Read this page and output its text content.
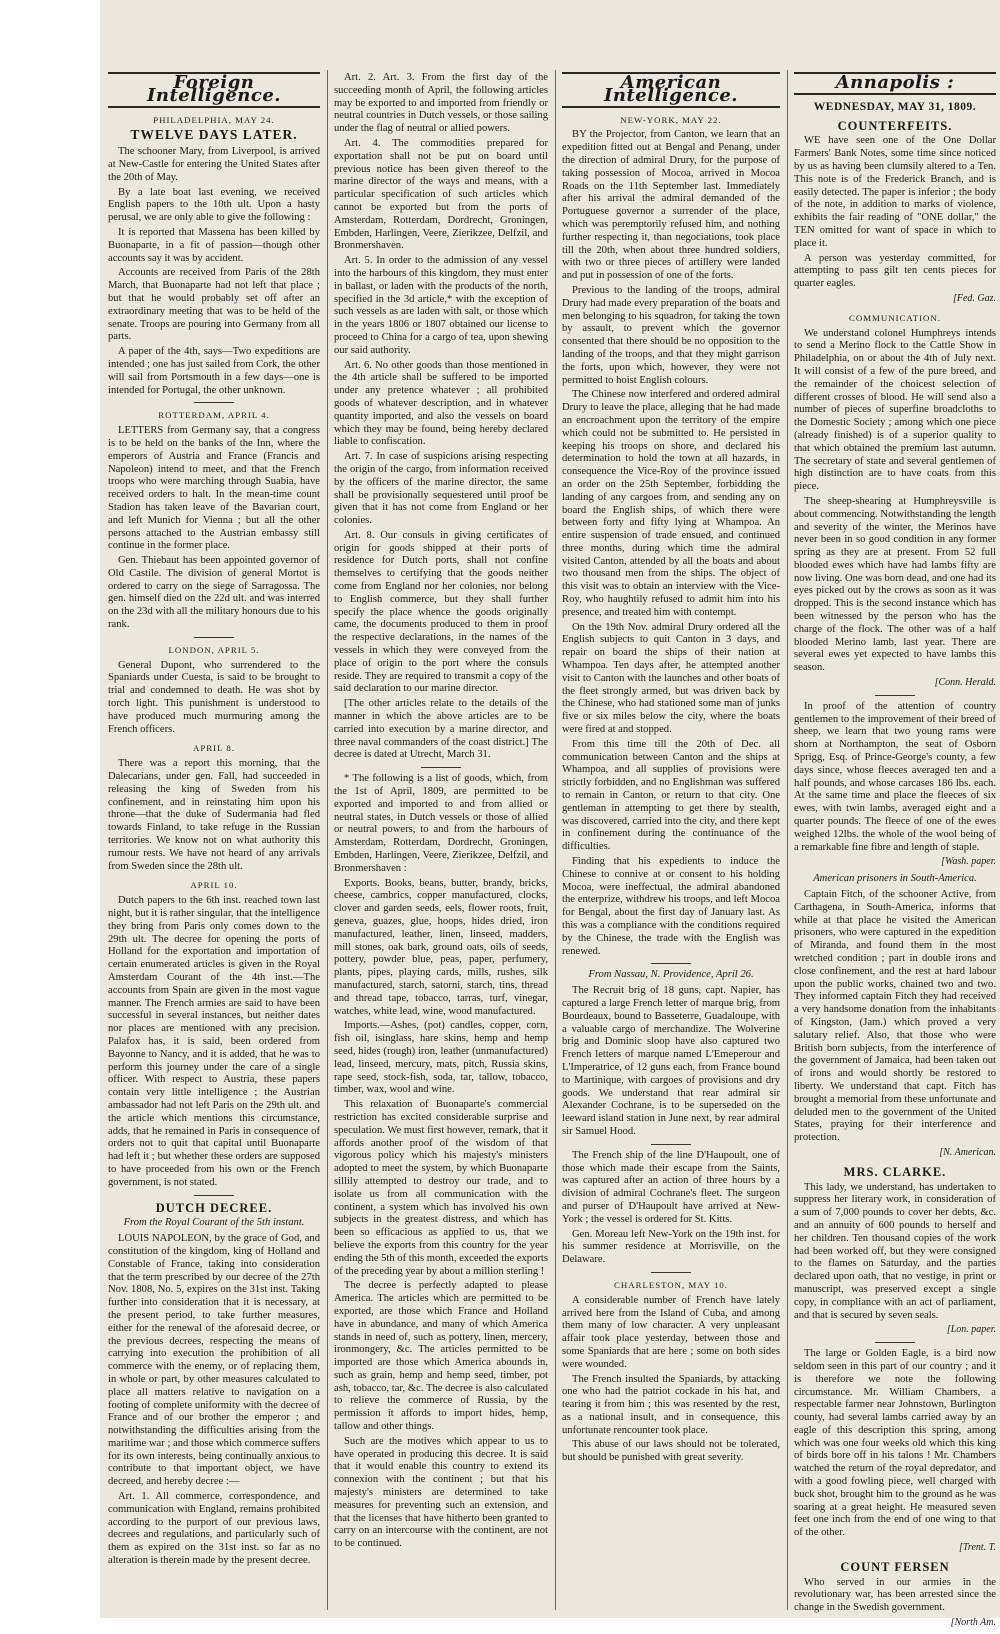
Foreign Intelligence.
PHILADELPHIA, MAY 24.
TWELVE DAYS LATER.

The schooner Mary, from Liverpool, is arrived at New-Castle for entering the United States after the 20th of May.

By a late boat last evening, we received English papers to the 10th ult. Upon a hasty perusal, we are only able to give the following :

It is reported that Massena has been killed by Buonaparte, in a fit of passion—though other accounts say it was by accident.

Accounts are received from Paris of the 28th March, that Buonaparte had not left that place ; but that he would probably set off after an extraordinary meeting that was to be held of the senate. Troops are pouring into Germany from all parts.

A paper of the 4th, says—Two expeditions are intended ; one has just sailed from Cork, the other will sail from Portsmouth in a few days—one is intended for Portugal, the other unknown.

ROTTERDAM, APRIL 4.

LETTERS from Germany say, that a congress is to be held on the banks of the Inn, where the emperors of Austria and France (Francis and Napoleon) intend to meet, and that the French troops who were marching through Suabia, have received orders to halt. In the mean-time count Stadion has taken leave of the Bavarian court, and left Munich for Vienna ; but all the other persons attached to the Austrian embassy still continue in the former place.

Gen. Thiebaut has been appointed governor of Old Castile. The division of general Mortot is ordered to carry on the siege of Sarragossa. The gen. himself died on the 22d ult. and was interred on the 23d with all the military honours due to his rank.

LONDON, APRIL 5.

General Dupont, who surrendered to the Spaniards under Cuesta, is said to be brought to trial and condemned to death. He was shot by torch light. This punishment is understood to have produced much murmuring among the French officers.

APRIL 8.

There was a report this morning, that the Dalecarians, under gen. Fall, had succeeded in releasing the king of Sweden from his confinement, and in reinstating him upon his throne—that the duke of Sudermania had fled towards Finland, to take refuge in the Russian territories. We know not on what authority this rumour rests. We have not heard of any arrivals from Sweden since the 28th ult.

APRIL 10.

Dutch papers to the 6th inst. reached town last night, but it is rather singular, that the intelligence they bring from Paris only comes down to the 29th ult. The decree for opening the ports of Holland for the exportation and importation of certain enumerated articles is given in the Royal Amsterdam Courant of the 4th inst.—The accounts from Spain are given in the most vague manner. The French armies are said to have been successful in several instances, but neither dates nor places are mentioned with any precision. Palafox has, it is said, been ordered from Bayonne to Nancy, and it is added, that he was to perform this journey under the care of a single officer. With respect to Austria, these papers contain very little intelligence ; the Austrian ambassador had not left Paris on the 29th ult. and the article which mentions this circumstance, adds, that he remained in Paris in consequence of orders not to quit that capital until Buonaparte had left it ; but whether these orders are supposed to have proceeded from his own or the French government, is not stated.

DUTCH DECREE.
From the Royal Courant of the 5th instant.

LOUIS NAPOLEON, by the grace of God, and constitution of the kingdom, king of Holland and Constable of France, taking into consideration that the term prescribed by our decree of the 27th Nov. 1808, No. 5, expires on the 31st inst. Taking further into consideration that it is necessary, at the present period, to take further measures, either for the renewal of the aforesaid decree, or the previous decrees, respecting the means of carrying into execution the prohibition of all commerce with the enemy, or of replacing them, in whole or part, by other measures calculated to place all matters relative to navigation on a footing of complete uniformity with the decree of France and of our brother the emperor ; and notwithstanding the difficulties arising from the maritime war ; and those which commerce suffers for its own interests, being continually anxious to contribute to that important object, we have decreed, and hereby decree :—

Art. 1. All commerce, correspondence, and communication with England, remains prohibited according to the purport of our previous laws, decrees and regulations, and particularly such of them as expired on the 31st inst. so far as no alteration is therein made by the present decree.

Art. 2. Art. 3. From the first day of the succeeding month of April, the following articles may be exported to and imported from friendly or neutral countries in Dutch vessels, or those sailing under the flag of neutral or allied powers.

Art. 4. The commodities prepared for exportation shall not be put on board until previous notice has been given thereof to the marine director of the ways and means, with a particular specification of such articles which cannot be exported but from the ports of Amsterdam, Rotterdam, Dordrecht, Groningen, Embden, Harlingen, Veere, Zierikzee, Delfzil, and Bronmershaven.

Art. 5. In order to the admission of any vessel into the harbours of this kingdom, they must enter in ballast, or laden with the products of the north, specified in the 3d article,* with the exception of such vessels as are laden with salt, or those which in the years 1806 or 1807 obtained our license to proceed to China for a cargo of tea, upon shewing our said authority.

Art. 6. No other goods than those mentioned in the 4th article shall be suffered to be imported under any pretence whatever ; all prohibited goods of whatever description, and in whatever quantity imported, and also the vessels on board which they may be found, being hereby declared liable to confiscation.

Art. 7. In case of suspicions arising respecting the origin of the cargo, from information received by the officers of the marine director, the same shall be provisionally sequestered until proof be given that it has not come from England or her colonies.

Art. 8. Our consuls in giving certificates of origin for goods shipped at their ports of residence for Dutch ports, shall not confine themselves to certifying that the goods neither come from England nor her colonies, nor belong to English commerce, but they shall further specify the place whence the goods originally came, the documents produced to them in proof the respective declarations, in the names of the vessels in which they were conveyed from the place of origin to the port where the consuls reside. They are required to transmit a copy of the said declaration to our marine director.

[The other articles relate to the details of the manner in which the above articles are to be carried into execution by a marine director, and three naval commanders of the coast district.] The decree is dated at Utrecht, March 31.

* The following is a list of goods, which, from the 1st of April, 1809, are permitted to be exported and imported to and from allied or neutral states, in Dutch vessels or those of allied or neutral powers, to and from the harbours of Amsterdam, Rotterdam, Dordrecht, Groningen, Embden, Harlingen, Veere, Zierikzee, Delfzil, and Bronmershaven :

Exports. Books, beans, butter, brandy, bricks, cheese, cambrics, copper manufactured, clocks, clover and garden seeds, eels, flower roots, fruit, geneva, guazes, glue, hoops, hides dried, iron manufactured, leather, linen, linseed, madders, mill stones, oak bark, ground oats, oils of seeds, pottery, powder blue, peas, paper, perfumery, plants, pipes, playing cards, mills, rushes, silk manufactured, starch, satorni, starch, tins, thread and thread tape, tobacco, tarras, turf, vinegar, watches, white lead, wine, wood manufactured.

Imports.—Ashes, (pot) candles, copper, corn, fish oil, isinglass, hare skins, hemp and hemp seed, hides (rough) iron, leather (unmanufactured) lead, linseed, mercury, mats, pitch, Russia skins, rape seed, stock-fish, soda, tar, tallow, tobacco, timber, wax, wool and wine.

This relaxation of Buonaparte's commercial restriction has excited considerable surprise and speculation. We must first however, remark, that it affords another proof of the wisdom of that vigorous policy which his majesty's ministers adopted to meet the system, by which Buonaparte sillily attempted to destroy our trade, and to isolate us from all communication with the continent, a system which has involved his own subjects in the greatest distress, and which has been so efficacious as applied to us, that we believe the exports from this country for the year ending the 5th of this month, exceeded the exports of the preceding year by about a million sterling !

The decree is perfectly adapted to please America. The articles which are permitted to be exported, are those which France and Holland have in abundance, and many of which America stands in need of, such as pottery, linen, mercery, ironmongery, &c. The articles permitted to be imported are those which America abounds in, such as grain, hemp and hemp seed, timber, pot ash, tobacco, tar, &c. The decree is also calculated to relieve the commerce of Russia, by the permission it affords to import hides, hemp, tallow and other things.

Such are the motives which appear to us to have operated in producing this decree. It is said that it would enable this country to extend its connexion with the continent ; but that his majesty's ministers are determined to take measures for preventing such an extension, and that the licenses that have hitherto been granted to carry on an intercourse with the continent, are not to be continued.

American Intelligence.
NEW-YORK, MAY 22.

BY the Projector, from Canton, we learn that an expedition fitted out at Bengal and Penang, under the direction of admiral Drury, for the purpose of taking possession of Mocoa, arrived in Mocoa Roads on the 11th September last. Immediately after his arrival the admiral demanded of the Portuguese governor a surrender of the place, which was peremptorily refused him, and nothing further respecting it, than negociations, took place till the 20th, when about three hundred soldiers, with two or three pieces of artillery were landed and put in possession of one of the forts.

Previous to the landing of the troops, admiral Drury had made every preparation of the boats and men belonging to his squadron, for taking the town by assault, to prevent which the governor consented that there should be no opposition to the landing of the troops, and that they might garrison the forts, upon which, however, they were not permitted to hoist English colours.

The Chinese now interfered and ordered admiral Drury to leave the place, alleging that he had made an encroachment upon the territory of the empire which could not be submitted to. He persisted in keeping his troops on shore, and declared his determination to hold the town at all hazards, in consequence the Vice-Roy of the province issued an order on the 25th September, forbidding the landing of any cargoes from, and sending any on board the English ships, of which there were between forty and fifty lying at Whampoa. An entire suspension of trade ensued, and continued three months, during which time the admiral visited Canton, attended by all the boats and about two thousand men from the ships. The object of this visit was to obtain an interview with the Vice-Roy, who haughtily refused to admit him into his presence, and treated him with contempt.

On the 19th Nov. admiral Drury ordered all the English subjects to quit Canton in 3 days, and repair on board the ships of their nation at Whampoa. Ten days after, he attempted another visit to Canton with the launches and other boats of the fleet strongly armed, but was driven back by the Chinese, who had stationed some man of junks five or six miles below the city, where the boats were fired at and stopped.

From this time till the 20th of Dec. all communication between Canton and the ships at Whampoa, and all supplies of provisions were strictly forbidden, and no Englishman was suffered to remain in Canton, or return to that city. One gentleman in attempting to get there by stealth, was discovered, carried into the city, and there kept in confinement during the continuance of the difficulties.

Finding that his expedients to induce the Chinese to connive at or consent to his holding Mocoa, were ineffectual, the admiral abandoned the enterprize, withdrew his troops, and left Mocoa for Bengal, about the first day of January last. As this was a compliance with the conditions required by the Chinese, the trade with the English was renewed.

From Nassau, N. Providence, April 26.

The Recruit brig of 18 guns, capt. Napier, has captured a large French letter of marque brig, from Bourdeaux, bound to Basseterre, Guadaloupe, with a valuable cargo of merchandize. The Wolverine brig and Dominic sloop have also captured two French letters of marque named L'Emeperour and L'Imperatrice, of 12 guns each, from France bound to Martinique, with cargoes of provisions and dry goods. We understand that rear admiral sir Alexander Cochrane, is to be superseded on the leeward island station in June next, by rear admiral sir Samuel Hood.

The French ship of the line D'Haupoult, one of those which made their escape from the Saints, was captured after an action of three hours by a division of admiral Cochrane's fleet. The surgeon and purser of D'Haupoult have arrived at New-York ; the vessel is ordered for St. Kitts.

Gen. Moreau left New-York on the 19th inst. for his summer residence at Morrisville, on the Delaware.

CHARLESTON, MAY 10.

A considerable number of French have lately arrived here from the Island of Cuba, and among them many of low character. A very unpleasant affair took place yesterday, between those and some Spaniards that are here ; some on both sides were wounded.

The French insulted the Spaniards, by attacking one who had the patriot cockade in his hat, and tearing it from him ; this was resented by the rest, as a national insult, and in consequence, this unfortunate rencounter took place.

This abuse of our laws should not be tolerated, but should be punished with great severity.

Annapolis :
WEDNESDAY, MAY 31, 1809.
COUNTERFEITS.

WE have seen one of the One Dollar Farmers' Bank Notes, some time since noticed by us as having been clumsily altered to a Ten. This note is of the Frederick Branch, and is easily detected. The paper is inferior ; the body of the note, in addition to marks of violence, exhibits the fair reading of "ONE dollar," the TEN omitted for want of space in which to place it.

A person was yesterday committed, for attempting to pass gilt ten cents pieces for quarter eagles.

[Fed. Gaz.
COMMUNICATION.

We understand colonel Humphreys intends to send a Merino flock to the Cattle Show in Philadelphia, on or about the 4th of July next. It will consist of a few of the pure breed, and the remainder of the choicest selection of different crosses of blood. He will send also a number of pieces of superfine broadcloths to the Domestic Society ; among which one piece (already finished) is of a superior quality to that which obtained the premium last autumn. The secretary of state and several gentlemen of high distinction are to have coats from this piece.

The sheep-shearing at Humphreysville is about commencing. Notwithstanding the length and severity of the winter, the Merinos have never been in so good condition in any former spring as they are at present. From 52 full blooded ewes which have had lambs fifty are now living. One was born dead, and one had its eyes picked out by the crows as soon as it was dropped. This is the second instance which has been witnessed by the person who has the charge of the flock. The other was of a half blooded Merino lamb, last year. There are several ewes yet expected to have lambs this season.

[Conn. Herald.

In proof of the attention of country gentlemen to the improvement of their breed of sheep, we learn that two young rams were shorn at Northampton, the seat of Osborn Sprigg, Esq. of Prince-George's county, a few days since, whose fleeces averaged ten and a half pounds, and whose carcases 186 lbs. each. At the same time and place the fleeces of six ewes, with twin lambs, averaged eight and a quarter pounds. The fleece of one of the ewes weighed 12lbs. the whole of the wool being of a remarkable fine fibre and length of staple.

[Wash. paper.
American prisoners in South-America.

Captain Fitch, of the schooner Active, from Carthagena, in South-America, informs that while at that place he visited the American prisoners, who were captured in the expedition of Miranda, and found them in the most wretched condition ; part in double irons and close confinement, and the rest at hard labour upon the public works, chained two and two. They informed captain Fitch they had received a very handsome donation from the inhabitants of Kingston, (Jam.) which proved a very salutary relief. Also, that those who were British born subjects, from the interference of the government of Jamaica, had been taken out of irons and would shortly be restored to liberty. We understand that capt. Fitch has brought a memorial from these unfortunate and deluded men to the government of the United States, praying for their interference and protection.

[N. American.
MRS. CLARKE.

This lady, we understand, has undertaken to suppress her literary work, in consideration of a sum of 7,000 pounds to cover her debts, &c. and an annuity of 600 pounds to herself and her children. Ten thousand copies of the work had been worked off, but they were consigned to the flames on Saturday, and the parties declared upon oath, that no vestige, in print or manuscript, was preserved except a single copy, in compliance with an act of parliament, and that is secured by seven seals.

[Lon. paper.

The large or Golden Eagle, is a bird now seldom seen in this part of our country ; and it is therefore we note the following circumstance. Mr. William Chambers, a respectable farmer near Johnstown, Burlington county, had several lambs carried away by an eagle of this description this spring, among which was one four weeks old which this king of birds bore off in his talons ! Mr. Chambers watched the return of the royal depredator, and with a good fowling piece, well charged with buck shot, brought him to the ground as he was soaring at a great height. He measured seven feet one inch from the end of one wing to that of the other.

[Trent. T.
COUNT FERSEN

Who served in our armies in the revolutionary war, has been arrested since the change in the Swedish government.

[North Am.
